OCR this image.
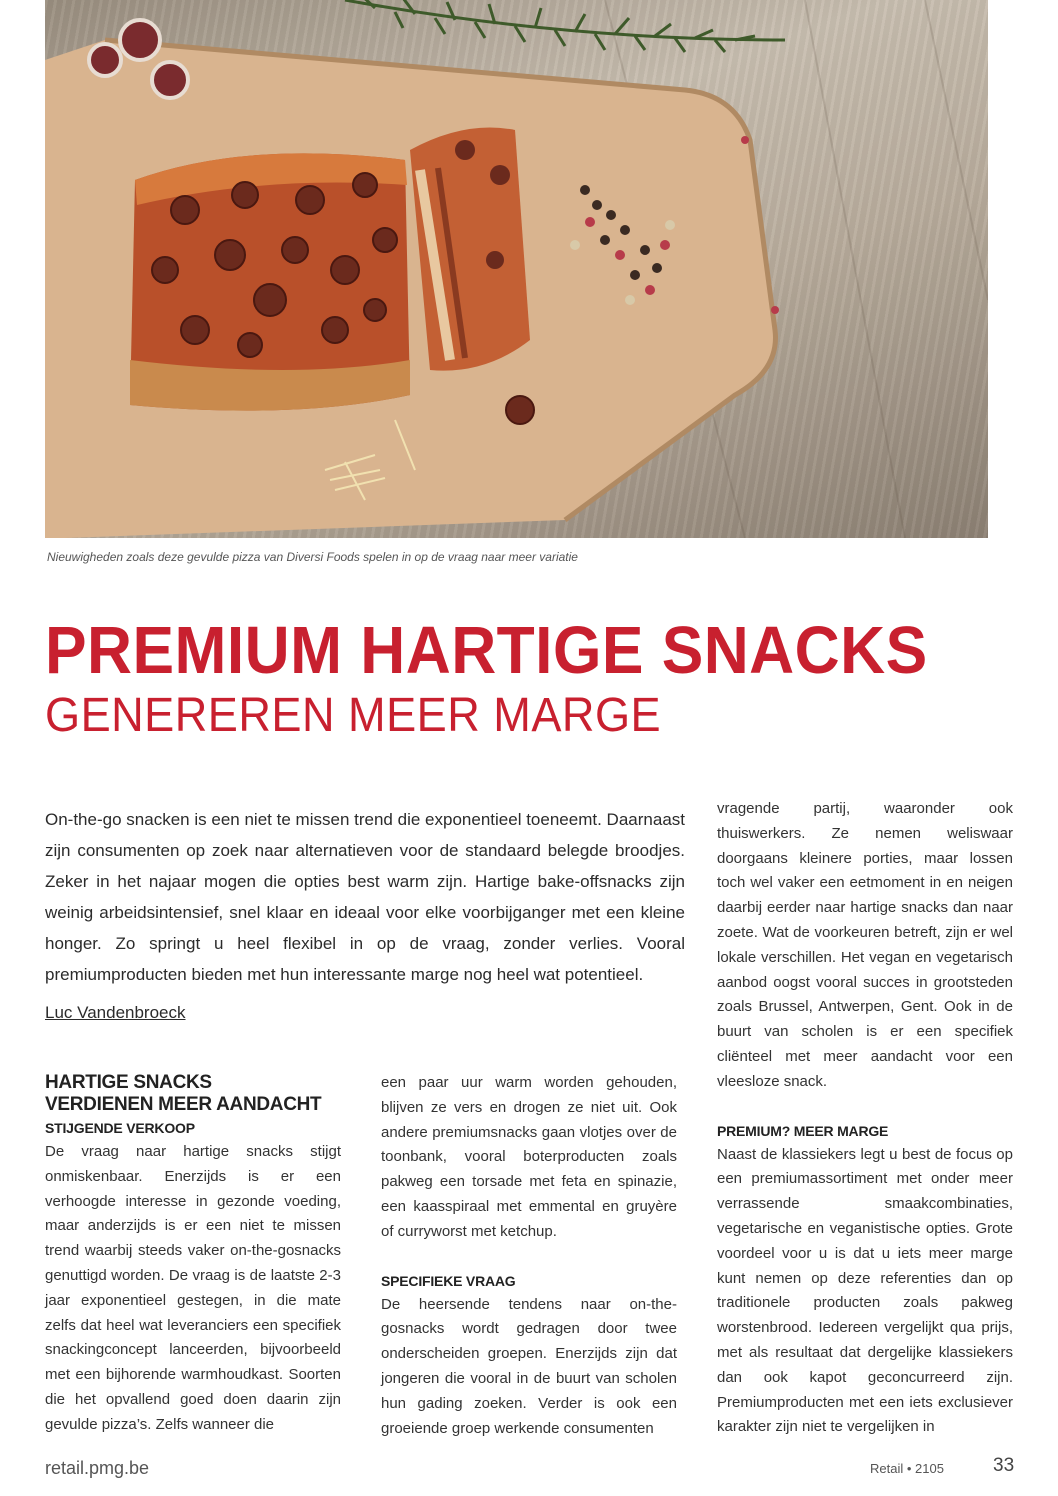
Nieuwigheden zoals deze gevulde pizza van Diversi Foods spelen in op de vraag naar meer variatie
PREMIUM HARTIGE SNACKS
GENEREREN MEER MARGE

On-the-go snacken is een niet te missen trend die exponentieel toeneemt. Daarnaast zijn consumenten op zoek naar alternatieven voor de standaard belegde broodjes. Zeker in het najaar mogen die opties best warm zijn. Hartige bake-offsnacks zijn weinig arbeidsintensief, snel klaar en ideaal voor elke voorbijganger met een kleine honger. Zo springt u heel flexibel in op de vraag, zonder verlies. Vooral premiumproducten bieden met hun interessante marge nog heel wat potentieel.

Luc Vandenbroeck
HARTIGE SNACKS
VERDIENEN MEER AANDACHT
STIJGENDE VERKOOP

De vraag naar hartige snacks stijgt onmiskenbaar. Enerzijds is er een verhoogde interesse in gezonde voeding, maar anderzijds is er een niet te missen trend waarbij steeds vaker on-the-gosnacks genuttigd worden. De vraag is de laatste 2-3 jaar exponentieel gestegen, in die mate zelfs dat heel wat leveranciers een specifiek snackingconcept lanceerden, bijvoorbeeld met een bijhorende warmhoudkast. Soorten die het opvallend goed doen daarin zijn gevulde pizza’s. Zelfs wanneer die

een paar uur warm worden gehouden, blijven ze vers en drogen ze niet uit. Ook andere premiumsnacks gaan vlotjes over de toonbank, vooral boterproducten zoals pakweg een torsade met feta en spinazie, een kaasspiraal met emmental en gruyère of curryworst met ketchup.

SPECIFIEKE VRAAG

De heersende tendens naar on-the-gosnacks wordt gedragen door twee onderscheiden groepen. Enerzijds zijn dat jongeren die vooral in de buurt van scholen hun gading zoeken. Verder is ook een groeiende groep werkende consumenten

vragende partij, waaronder ook thuiswerkers. Ze nemen weliswaar doorgaans kleinere porties, maar lossen toch wel vaker een eetmoment in en neigen daarbij eerder naar hartige snacks dan naar zoete. Wat de voorkeuren betreft, zijn er wel lokale verschillen. Het vegan en vegetarisch aanbod oogst vooral succes in grootsteden zoals Brussel, Antwerpen, Gent. Ook in de buurt van scholen is er een specifiek cliënteel met meer aandacht voor een vleesloze snack.

PREMIUM? MEER MARGE

Naast de klassiekers legt u best de focus op een premiumassortiment met onder meer verrassende smaakcombinaties, vegetarische en veganistische opties. Grote voordeel voor u is dat u iets meer marge kunt nemen op deze referenties dan op traditionele producten zoals pakweg worstenbrood. Iedereen vergelijkt qua prijs, met als resultaat dat dergelijke klassiekers dan ook kapot geconcurreerd zijn. Premiumproducten met een iets exclusiever karakter zijn niet te vergelijken in

retail.pmg.be	Retail • 2105	33
